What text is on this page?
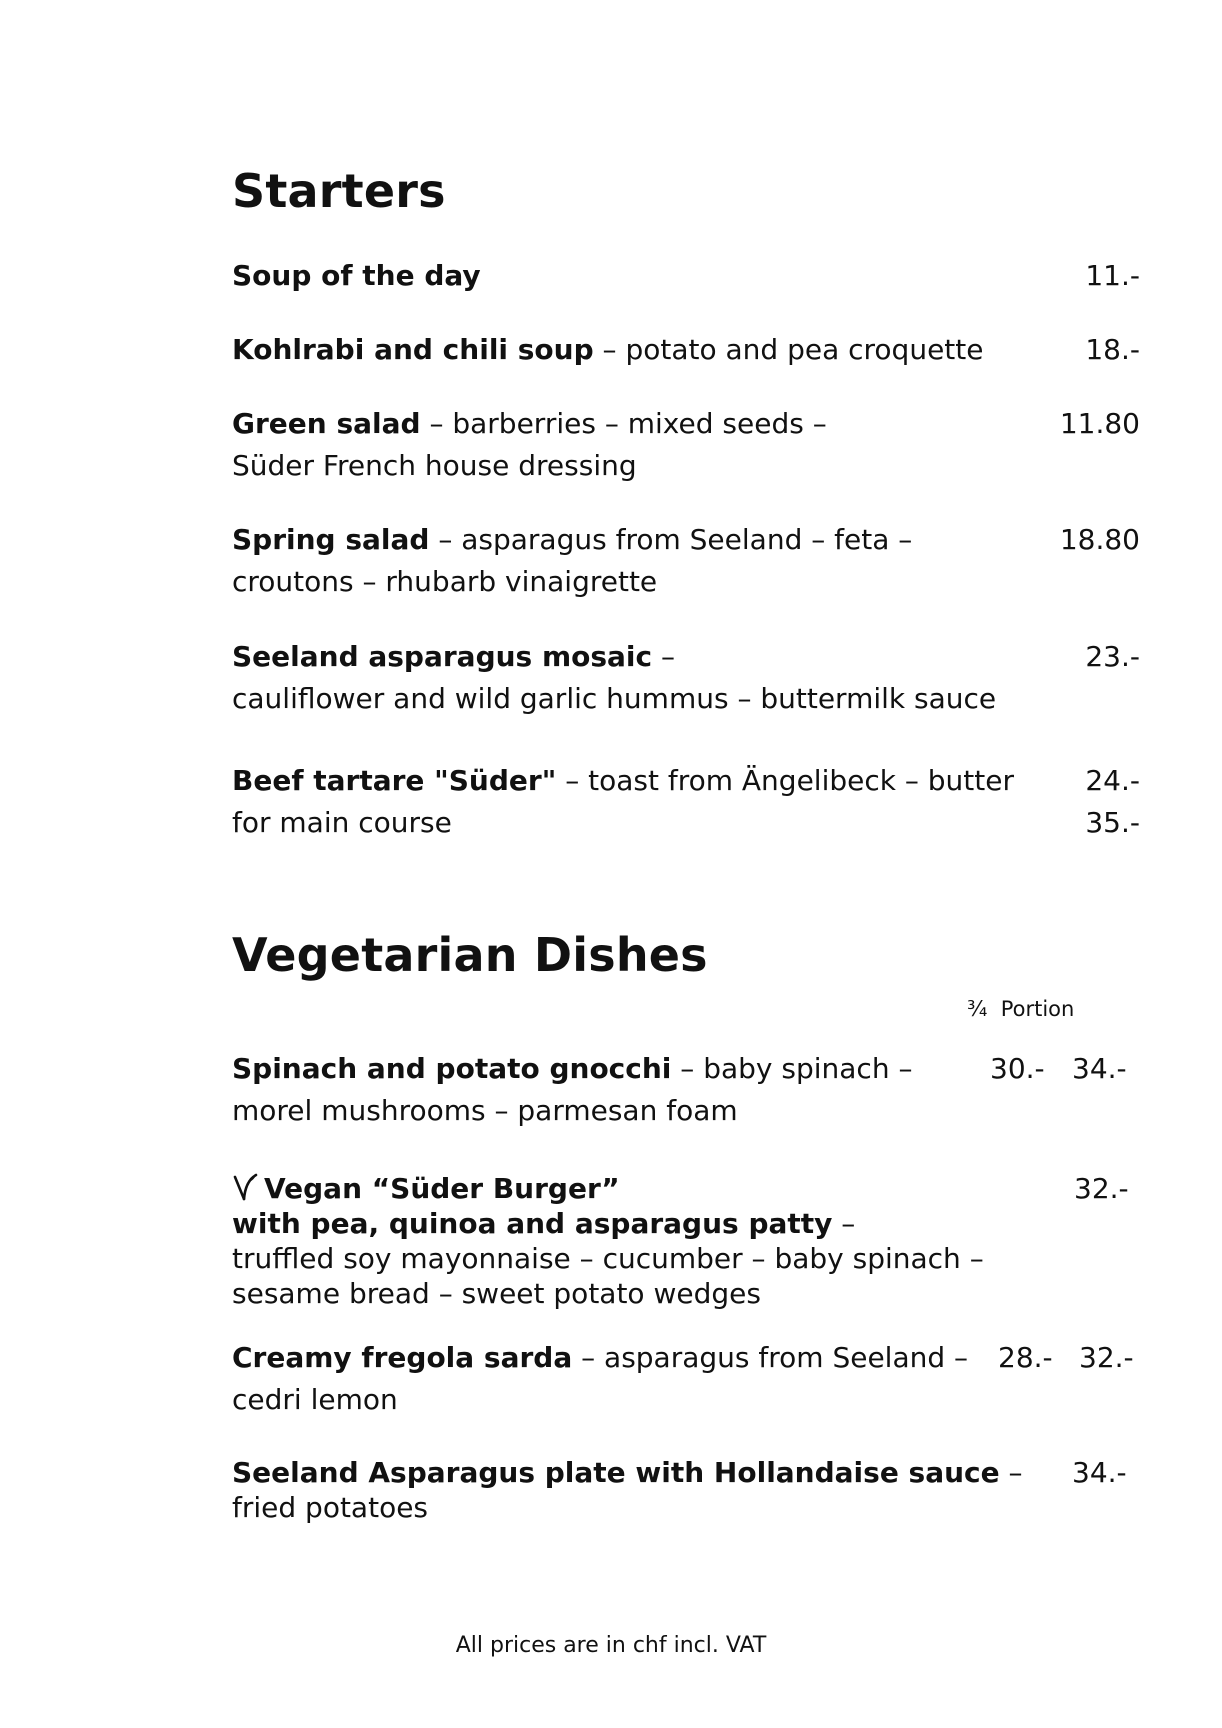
Starters
Soup of the day	11.-
Kohlrabi and chili soup – potato and pea croquette	18.-
Green salad – barberries – mixed seeds –
Süder French house dressing
11.80
Spring salad – asparagus from Seeland – feta –
croutons – rhubarb vinaigrette
18.80
Seeland asparagus mosaic –
cauliflower and wild garlic hummus – buttermilk sauce
23.-
Beef tartare "Süder" – toast from Ängelibeck – butter
for main course
24.-
35.-
Vegetarian Dishes
¾  Portion
Spinach and potato gnocchi – baby spinach –
morel mushrooms – parmesan foam
30.- 34.-
Vegan “Süder Burger”
with pea, quinoa and asparagus patty –
truffled soy mayonnaise – cucumber – baby spinach –
sesame bread – sweet potato wedges
32.-
Creamy fregola sarda – asparagus from Seeland –
cedri lemon
28.- 32.-
Seeland Asparagus plate with Hollandaise sauce –
fried potatoes
34.-
All prices are in chf incl. VAT
